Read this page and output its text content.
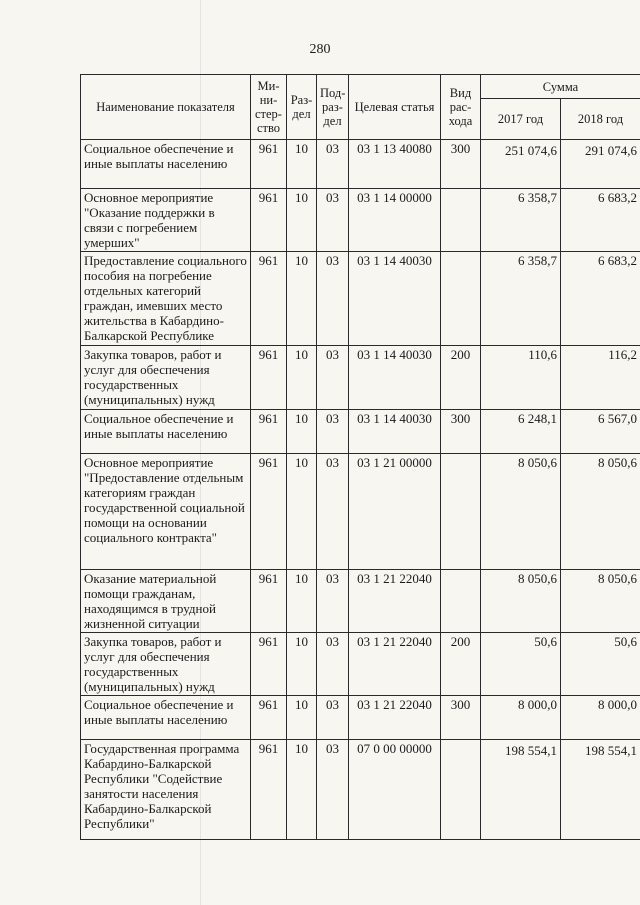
280
Наименование показателя	Ми-ни-стер-ство	Раз-дел	Под-раз-дел	Целевая статья	Вид рас-хода	Сумма	
						2017 год	2018 год
Социальное обеспечение и иные выплаты населению	961	10	03	03 1 13 40080	300	251 074,6	291 074,6
Основное мероприятие "Оказание поддержки в связи с погребением умерших"	961	10	03	03 1 14 00000		6 358,7	6 683,2
Предоставление социального пособия на погребение отдельных категорий граждан, имевших место жительства в Кабардино-Балкарской Республике	961	10	03	03 1 14 40030		6 358,7	6 683,2
Закупка товаров, работ и услуг для обеспечения государственных (муниципальных) нужд	961	10	03	03 1 14 40030	200	110,6	116,2
Социальное обеспечение и иные выплаты населению	961	10	03	03 1 14 40030	300	6 248,1	6 567,0
Основное мероприятие "Предоставление отдельным категориям граждан государственной социальной помощи на основании социального контракта"	961	10	03	03 1 21 00000		8 050,6	8 050,6
Оказание материальной помощи гражданам, находящимся в трудной жизненной ситуации	961	10	03	03 1 21 22040		8 050,6	8 050,6
Закупка товаров, работ и услуг для обеспечения государственных (муниципальных) нужд	961	10	03	03 1 21 22040	200	50,6	50,6
Социальное обеспечение и иные выплаты населению	961	10	03	03 1 21 22040	300	8 000,0	8 000,0
Государственная программа Кабардино-Балкарской Республики "Содействие занятости населения Кабардино-Балкарской Республики"	961	10	03	07 0 00 00000		198 554,1	198 554,1
